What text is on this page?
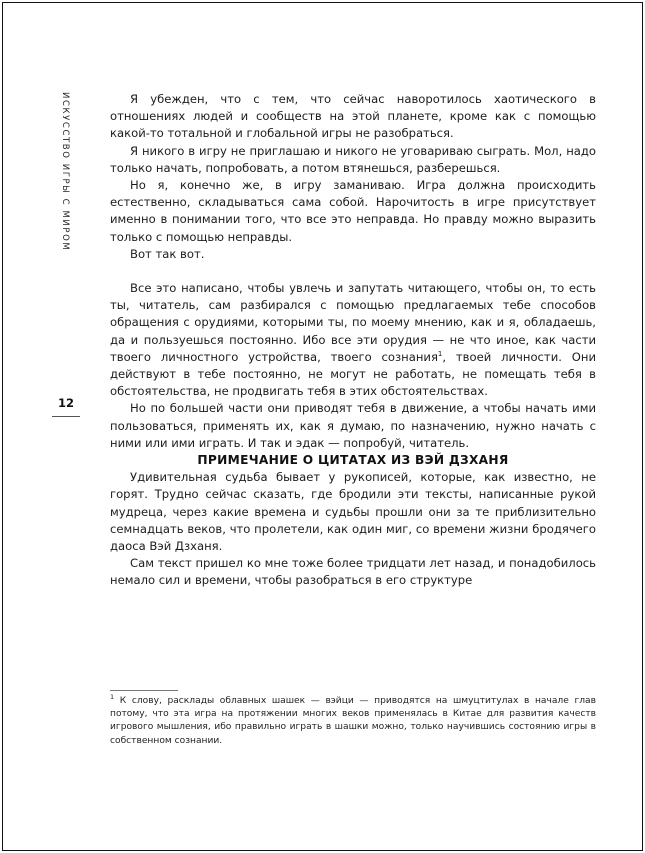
ИСКУССТВО ИГРЫ С МИРОМ
12

Я убежден, что с тем, что сейчас наворотилось хаотического в отношениях людей и сообществ на этой планете, кроме как с помощью какой-то тотальной и глобальной игры не разобраться.

Я никого в игру не приглашаю и никого не уговариваю сыграть. Мол, надо только начать, попробовать, а потом втянешься, разберешься.

Но я, конечно же, в игру заманиваю. Игра должна происходить естественно, складываться сама собой. Нарочитость в игре присутствует именно в понимании того, что все это неправда. Но правду можно выразить только с помощью неправды.

Вот так вот.

Все это написано, чтобы увлечь и запутать читающего, чтобы он, то есть ты, читатель, сам разбирался с помощью предлагаемых тебе способов обращения с орудиями, которыми ты, по моему мнению, как и я, обладаешь, да и пользуешься постоянно. Ибо все эти орудия — не что иное, как части твоего личностного устройства, твоего сознания$^1$, твоей личности. Они действуют в тебе постоянно, не могут не работать, не помещать тебя в обстоятельства, не продвигать тебя в этих обстоятельствах.

Но по большей части они приводят тебя в движение, а чтобы начать ими пользоваться, применять их, как я думаю, по назначению, нужно начать с ними или ими играть. И так и эдак — попробуй, читатель.

ПРИМЕЧАНИЕ О ЦИТАТАХ ИЗ ВЭЙ ДЗХАНЯ

Удивительная судьба бывает у рукописей, которые, как известно, не горят. Трудно сейчас сказать, где бродили эти тексты, написанные рукой мудреца, через какие времена и судьбы прошли они за те приблизительно семнадцать веков, что пролетели, как один миг, со времени жизни бродячего даоса Вэй Дзханя.

Сам текст пришел ко мне тоже более тридцати лет назад, и понадобилось немало сил и времени, чтобы разобраться в его структуре

$^1$ К слову, расклады облавных шашек — вэйци — приводятся на шмуцтитулах в начале глав потому, что эта игра на протяжении многих веков применялась в Китае для развития качеств игрового мышления, ибо правильно играть в шашки можно, только научившись состоянию игры в собственном сознании.
